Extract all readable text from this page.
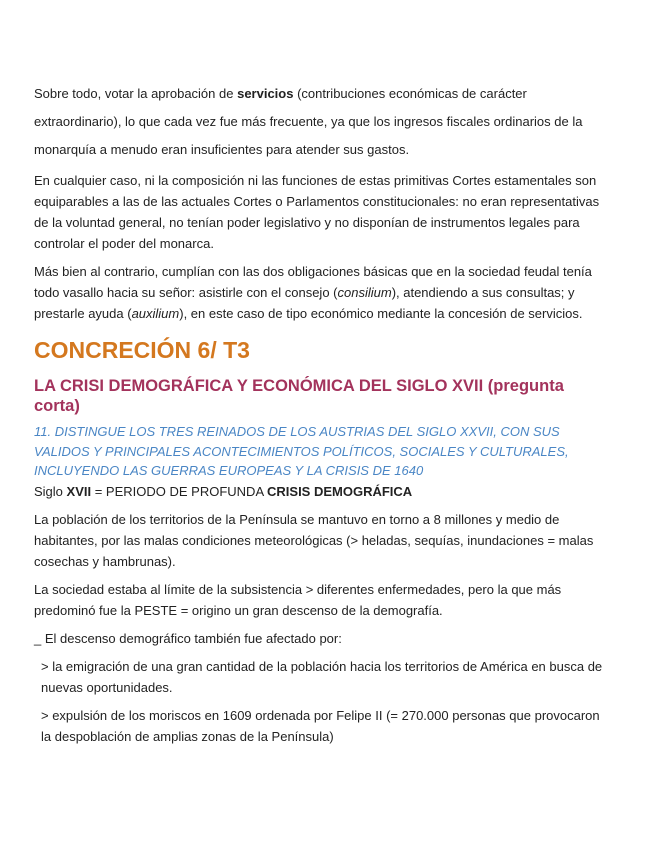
Sobre todo, votar la aprobación de servicios (contribuciones económicas de carácter extraordinario), lo que cada vez fue más frecuente, ya que los ingresos fiscales ordinarios de la monarquía a menudo eran insuficientes para atender sus gastos.

En cualquier caso, ni la composición ni las funciones de estas primitivas Cortes estamentales son equiparables a las de las actuales Cortes o Parlamentos constitucionales: no eran representativas de la voluntad general, no tenían poder legislativo y no disponían de instrumentos legales para controlar el poder del monarca.

Más bien al contrario, cumplían con las dos obligaciones básicas que en la sociedad feudal tenía todo vasallo hacia su señor: asistirle con el consejo (consilium), atendiendo a sus consultas; y prestarle ayuda (auxilium), en este caso de tipo económico mediante la concesión de servicios.

CONCRECIÓN 6/ T3
LA CRISI DEMOGRÁFICA Y ECONÓMICA DEL SIGLO XVII (pregunta corta)

11. DISTINGUE LOS TRES REINADOS DE LOS AUSTRIAS DEL SIGLO XXVII, CON SUS VALIDOS Y PRINCIPALES ACONTECIMIENTOS POLÍTICOS, SOCIALES Y CULTURALES, INCLUYENDO LAS GUERRAS EUROPEAS Y LA CRISIS DE 1640

Siglo XVII = PERIODO DE PROFUNDA CRISIS DEMOGRÁFICA

La población de los territorios de la Península se mantuvo en torno a 8 millones y medio de habitantes, por las malas condiciones meteorológicas (> heladas, sequías, inundaciones = malas cosechas y hambrunas).

La sociedad estaba al límite de la subsistencia > diferentes enfermedades, pero la que más predominó fue la PESTE = origino un gran descenso de la demografía.

_ El descenso demográfico también fue afectado por:

> la emigración de una gran cantidad de la población hacia los territorios de América en busca de nuevas oportunidades.

> expulsión de los moriscos en 1609 ordenada por Felipe II (= 270.000 personas que provocaron la despoblación de amplias zonas de la Península)
